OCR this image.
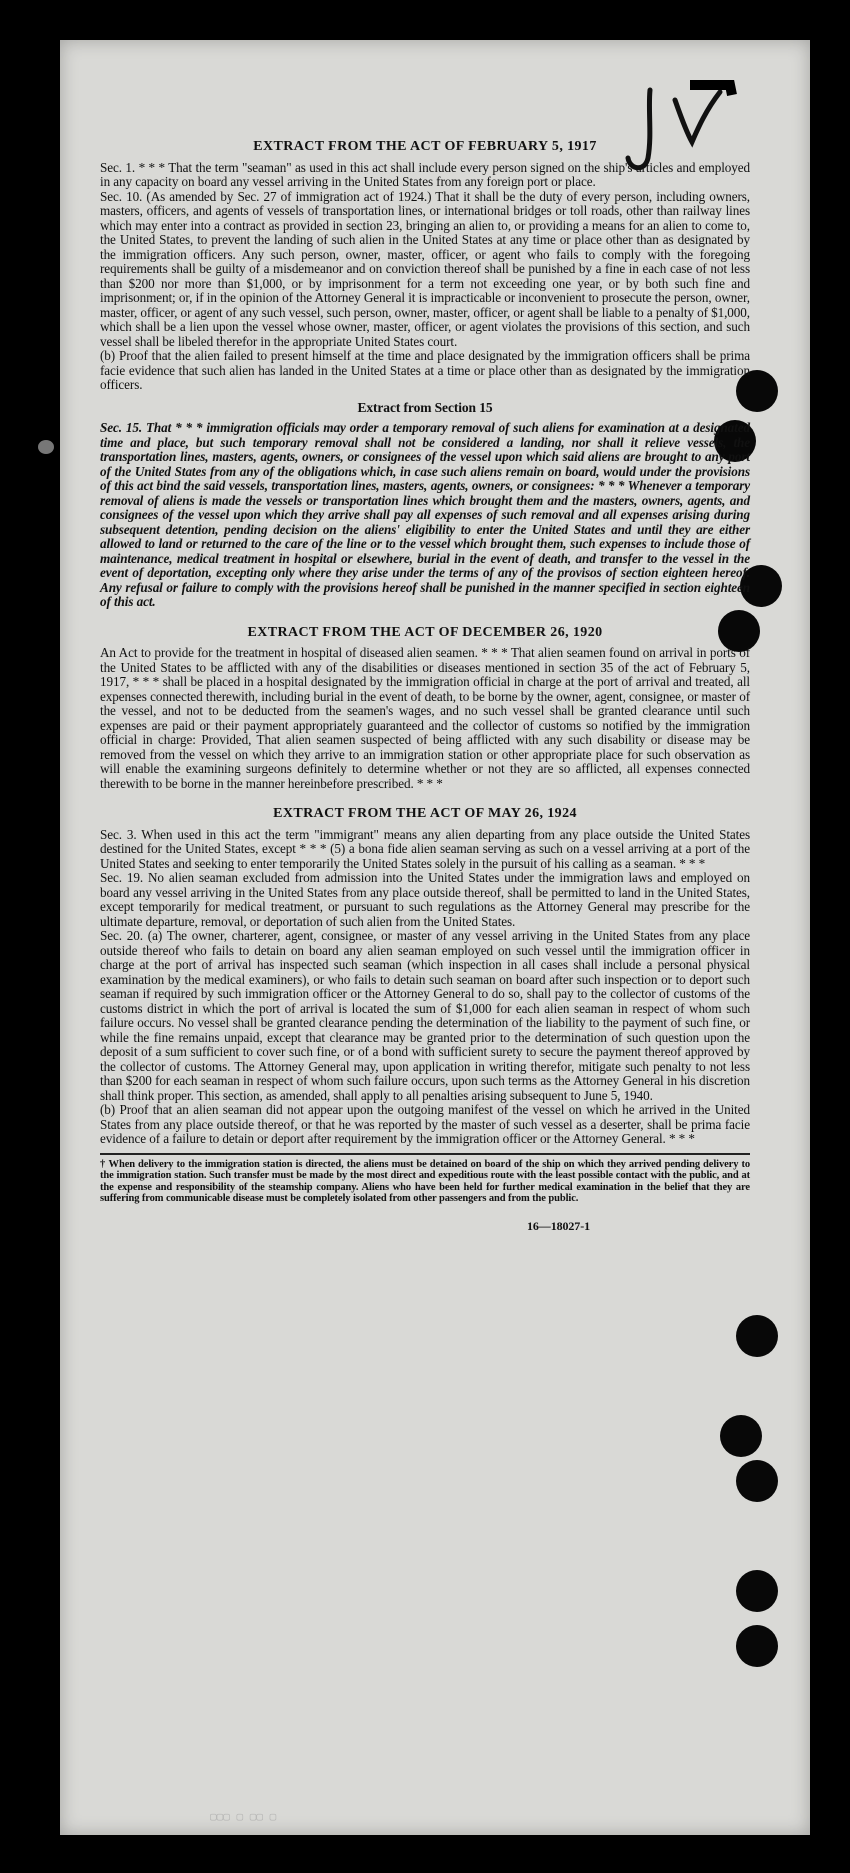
▢▢▢ ▢ ▢▢ ▢
EXTRACT FROM THE ACT OF FEBRUARY 5, 1917

Sec. 1. * * * That the term "seaman" as used in this act shall include every person signed on the ship's articles and employed in any capacity on board any vessel arriving in the United States from any foreign port or place.

Sec. 10. (As amended by Sec. 27 of immigration act of 1924.) That it shall be the duty of every person, including owners, masters, officers, and agents of vessels of transportation lines, or international bridges or toll roads, other than railway lines which may enter into a contract as provided in section 23, bringing an alien to, or providing a means for an alien to come to, the United States, to prevent the landing of such alien in the United States at any time or place other than as designated by the immigration officers. Any such person, owner, master, officer, or agent who fails to comply with the foregoing requirements shall be guilty of a misdemeanor and on conviction thereof shall be punished by a fine in each case of not less than $200 nor more than $1,000, or by imprisonment for a term not exceeding one year, or by both such fine and imprisonment; or, if in the opinion of the Attorney General it is impracticable or inconvenient to prosecute the person, owner, master, officer, or agent of any such vessel, such person, owner, master, officer, or agent shall be liable to a penalty of $1,000, which shall be a lien upon the vessel whose owner, master, officer, or agent violates the provisions of this section, and such vessel shall be libeled therefor in the appropriate United States court.

(b) Proof that the alien failed to present himself at the time and place designated by the immigration officers shall be prima facie evidence that such alien has landed in the United States at a time or place other than as designated by the immigration officers.

Extract from Section 15

Sec. 15. That * * * immigration officials may order a temporary removal of such aliens for examination at a designated time and place, but such temporary removal shall not be considered a landing, nor shall it relieve vessels, the transportation lines, masters, agents, owners, or consignees of the vessel upon which said aliens are brought to any port of the United States from any of the obligations which, in case such aliens remain on board, would under the provisions of this act bind the said vessels, transportation lines, masters, agents, owners, or consignees: * * * Whenever a temporary removal of aliens is made the vessels or transportation lines which brought them and the masters, owners, agents, and consignees of the vessel upon which they arrive shall pay all expenses of such removal and all expenses arising during subsequent detention, pending decision on the aliens' eligibility to enter the United States and until they are either allowed to land or returned to the care of the line or to the vessel which brought them, such expenses to include those of maintenance, medical treatment in hospital or elsewhere, burial in the event of death, and transfer to the vessel in the event of deportation, excepting only where they arise under the terms of any of the provisos of section eighteen hereof. Any refusal or failure to comply with the provisions hereof shall be punished in the manner specified in section eighteen of this act.

EXTRACT FROM THE ACT OF DECEMBER 26, 1920

An Act to provide for the treatment in hospital of diseased alien seamen. * * * That alien seamen found on arrival in ports of the United States to be afflicted with any of the disabilities or diseases mentioned in section 35 of the act of February 5, 1917, * * * shall be placed in a hospital designated by the immigration official in charge at the port of arrival and treated, all expenses connected therewith, including burial in the event of death, to be borne by the owner, agent, consignee, or master of the vessel, and not to be deducted from the seamen's wages, and no such vessel shall be granted clearance until such expenses are paid or their payment appropriately guaranteed and the collector of customs so notified by the immigration official in charge: Provided, That alien seamen suspected of being afflicted with any such disability or disease may be removed from the vessel on which they arrive to an immigration station or other appropriate place for such observation as will enable the examining surgeons definitely to determine whether or not they are so afflicted, all expenses connected therewith to be borne in the manner hereinbefore prescribed. * * *

EXTRACT FROM THE ACT OF MAY 26, 1924

Sec. 3. When used in this act the term "immigrant" means any alien departing from any place outside the United States destined for the United States, except * * * (5) a bona fide alien seaman serving as such on a vessel arriving at a port of the United States and seeking to enter temporarily the United States solely in the pursuit of his calling as a seaman. * * *

Sec. 19. No alien seaman excluded from admission into the United States under the immigration laws and employed on board any vessel arriving in the United States from any place outside thereof, shall be permitted to land in the United States, except temporarily for medical treatment, or pursuant to such regulations as the Attorney General may prescribe for the ultimate departure, removal, or deportation of such alien from the United States.

Sec. 20. (a) The owner, charterer, agent, consignee, or master of any vessel arriving in the United States from any place outside thereof who fails to detain on board any alien seaman employed on such vessel until the immigration officer in charge at the port of arrival has inspected such seaman (which inspection in all cases shall include a personal physical examination by the medical examiners), or who fails to detain such seaman on board after such inspection or to deport such seaman if required by such immigration officer or the Attorney General to do so, shall pay to the collector of customs of the customs district in which the port of arrival is located the sum of $1,000 for each alien seaman in respect of whom such failure occurs. No vessel shall be granted clearance pending the determination of the liability to the payment of such fine, or while the fine remains unpaid, except that clearance may be granted prior to the determination of such question upon the deposit of a sum sufficient to cover such fine, or of a bond with sufficient surety to secure the payment thereof approved by the collector of customs. The Attorney General may, upon application in writing therefor, mitigate such penalty to not less than $200 for each seaman in respect of whom such failure occurs, upon such terms as the Attorney General in his discretion shall think proper. This section, as amended, shall apply to all penalties arising subsequent to June 5, 1940.

(b) Proof that an alien seaman did not appear upon the outgoing manifest of the vessel on which he arrived in the United States from any place outside thereof, or that he was reported by the master of such vessel as a deserter, shall be prima facie evidence of a failure to detain or deport after requirement by the immigration officer or the Attorney General. * * *

† When delivery to the immigration station is directed, the aliens must be detained on board of the ship on which they arrived pending delivery to the immigration station. Such transfer must be made by the most direct and expeditious route with the least possible contact with the public, and at the expense and responsibility of the steamship company. Aliens who have been held for further medical examination in the belief that they are suffering from communicable disease must be completely isolated from other passengers and from the public.
16—18027-1
